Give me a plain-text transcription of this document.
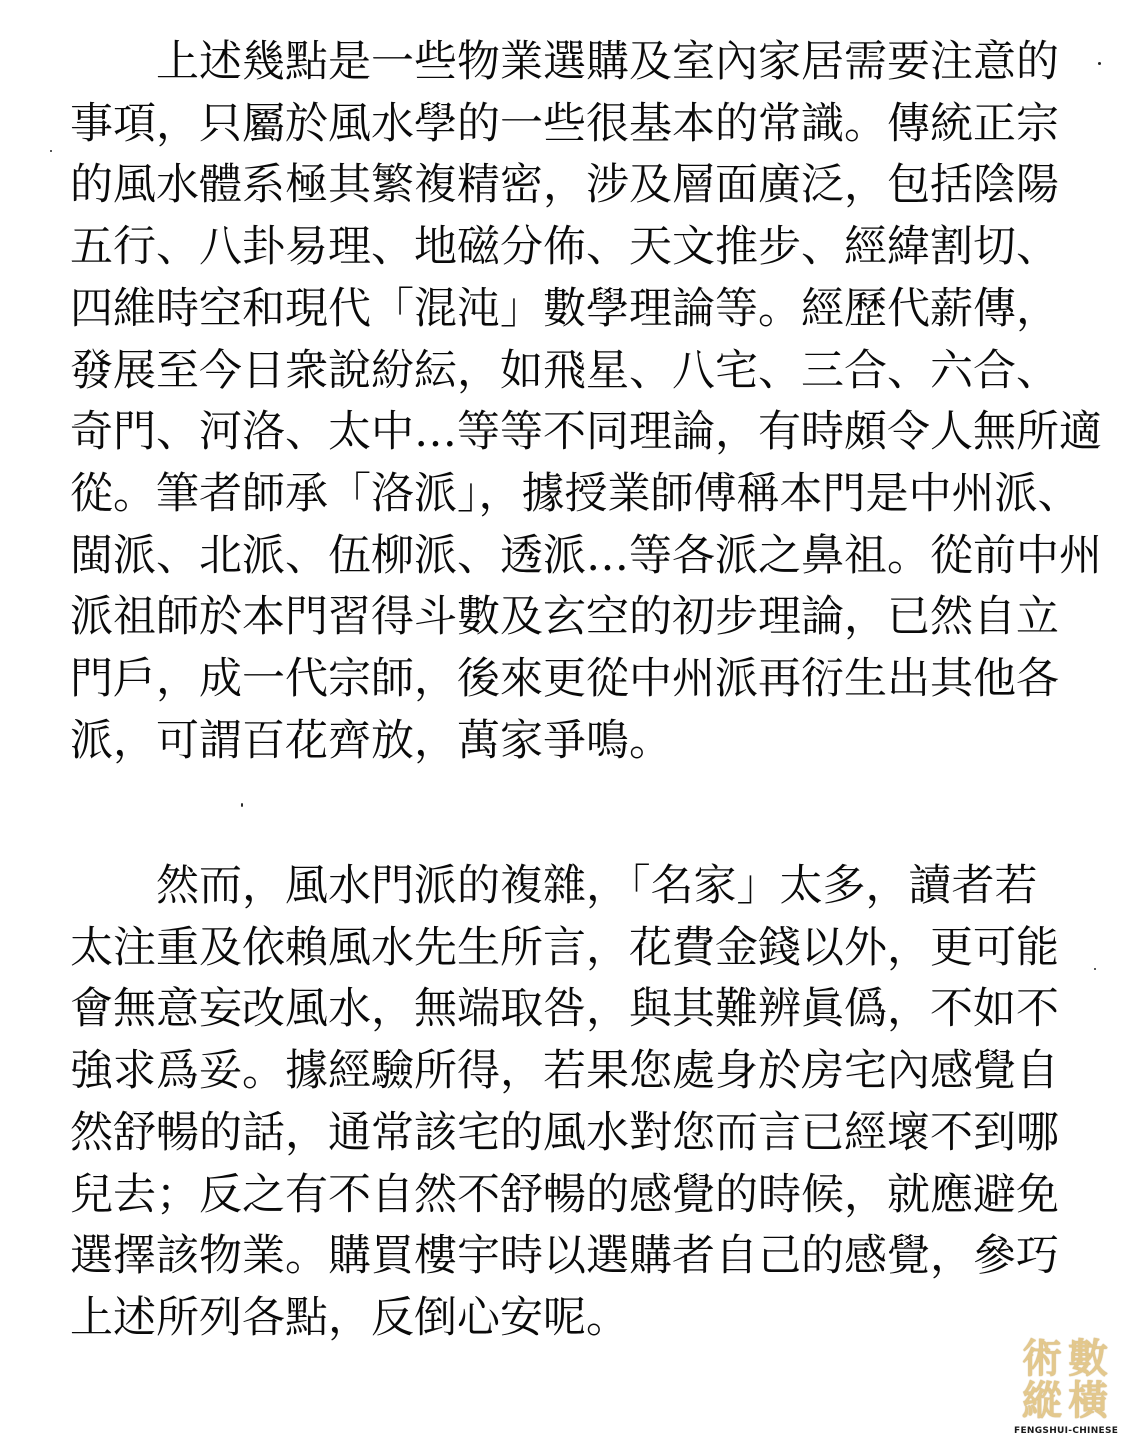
　　上述幾點是一些物業選購及室內家居需要注意的
事項，只屬於風水學的一些很基本的常識。傳統正宗
的風水體系極其繁複精密，涉及層面廣泛，包括陰陽
五行、八卦易理、地磁分佈、天文推步、經緯割切、
四維時空和現代「混沌」數學理論等。經歷代薪傳，
發展至今日衆說紛紜，如飛星、八宅、三合、六合、
奇門、河洛、太中…等等不同理論，有時頗令人無所適
從。筆者師承「洛派」，據授業師傅稱本門是中州派、
閩派、北派、伍柳派、透派…等各派之鼻祖。從前中州
派祖師於本門習得斗數及玄空的初步理論，已然自立
門戶，成一代宗師，後來更從中州派再衍生出其他各
派，可謂百花齊放，萬家爭鳴。
　　然而，風水門派的複雜，「名家」太多，讀者若
太注重及依賴風水先生所言，花費金錢以外，更可能
會無意妄改風水，無端取咎，與其難辨眞僞，不如不
強求爲妥。據經驗所得，若果您處身於房宅內感覺自
然舒暢的話，通常該宅的風水對您而言已經壞不到哪
兒去；反之有不自然不舒暢的感覺的時候，就應避免
選擇該物業。購買樓宇時以選購者自己的感覺，參巧
上述所列各點，反倒心安呢。
術 數
縱 橫
FENGSHUI-CHINESE
